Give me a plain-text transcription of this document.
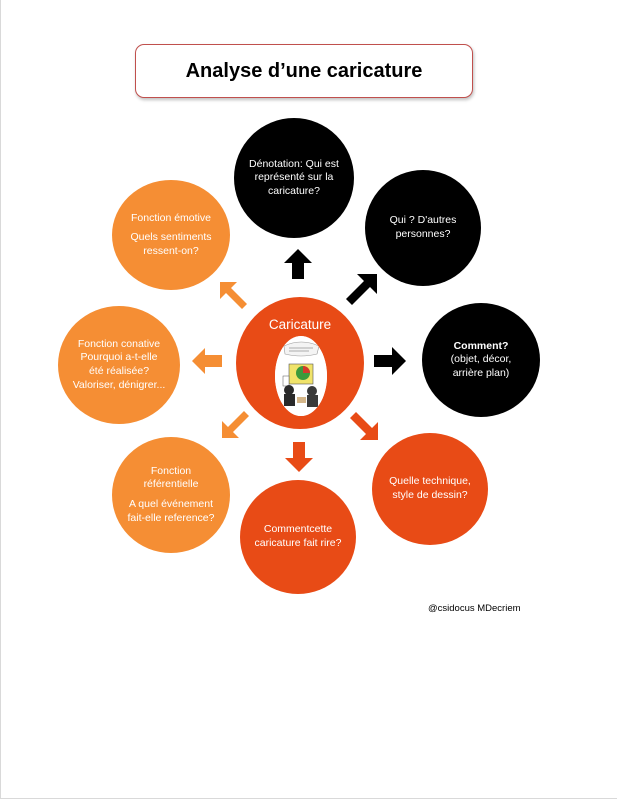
Analyse d’une caricature
Dénotation: Qui est représenté sur la caricature?
Qui ? D'autres personnes?
Comment?
(objet, décor, arrière plan)
Quelle technique, style de dessin?
Commentcette caricature fait rire?
Fonction référentielle
A quel événement fait-elle reference?
Fonction conative
Pourquoi a-t-elle été réalisée?
Valoriser, dénigrer...
Fonction émotive
Quels sentiments ressent-on?
Caricature
@csidocus MDecriem
